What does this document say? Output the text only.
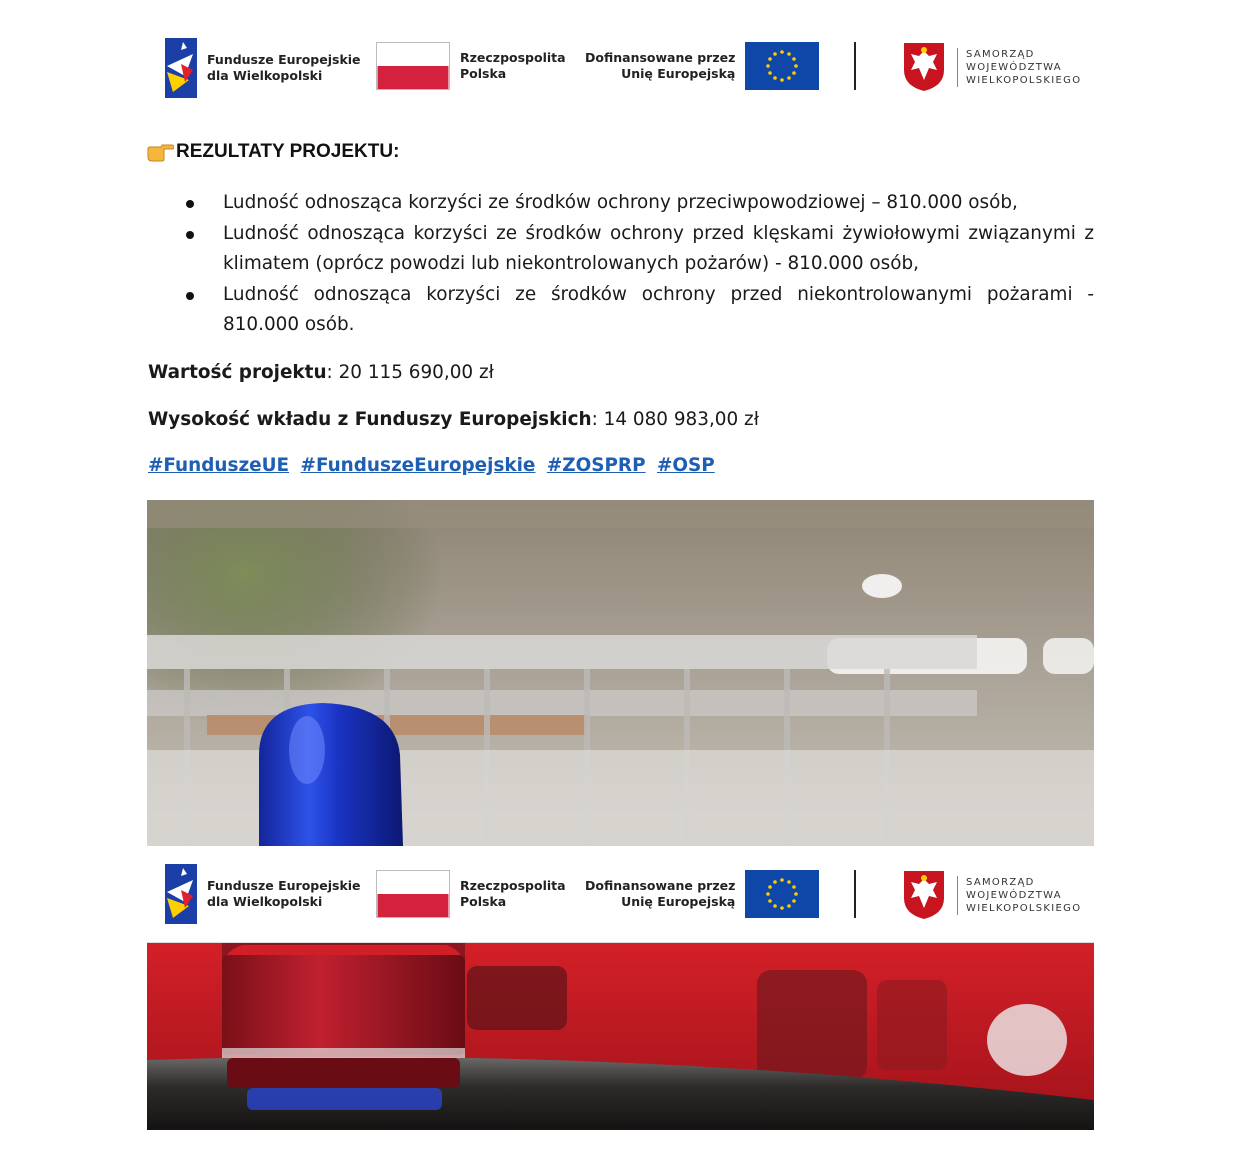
Fundusze Europejskie
dla Wielkopolski
Rzeczpospolita
Polska
Dofinansowane przez
Unię Europejską
SAMORZĄD
WOJEWÓDZTWA
WIELKOPOLSKIEGO
REZULTATY PROJEKTU:
Ludność odnosząca korzyści ze środków ochrony przeciwpowodziowej – 810.000 osób,
Ludność odnosząca korzyści ze środków ochrony przed klęskami żywiołowymi związanymi z klimatem (oprócz powodzi lub niekontrolowanych pożarów) - 810.000 osób,
Ludność odnosząca korzyści ze środków ochrony przed niekontrolowanymi pożarami - 810.000 osób.
Wartość projektu: 20 115 690,00 zł
Wysokość wkładu z Funduszy Europejskich: 14 080 983,00 zł
#FunduszeUE #FunduszeEuropejskie #ZOSPRP #OSP
Fundusze Europejskie
dla Wielkopolski
Rzeczpospolita
Polska
Dofinansowane przez
Unię Europejską
SAMORZĄD
WOJEWÓDZTWA
WIELKOPOLSKIEGO
